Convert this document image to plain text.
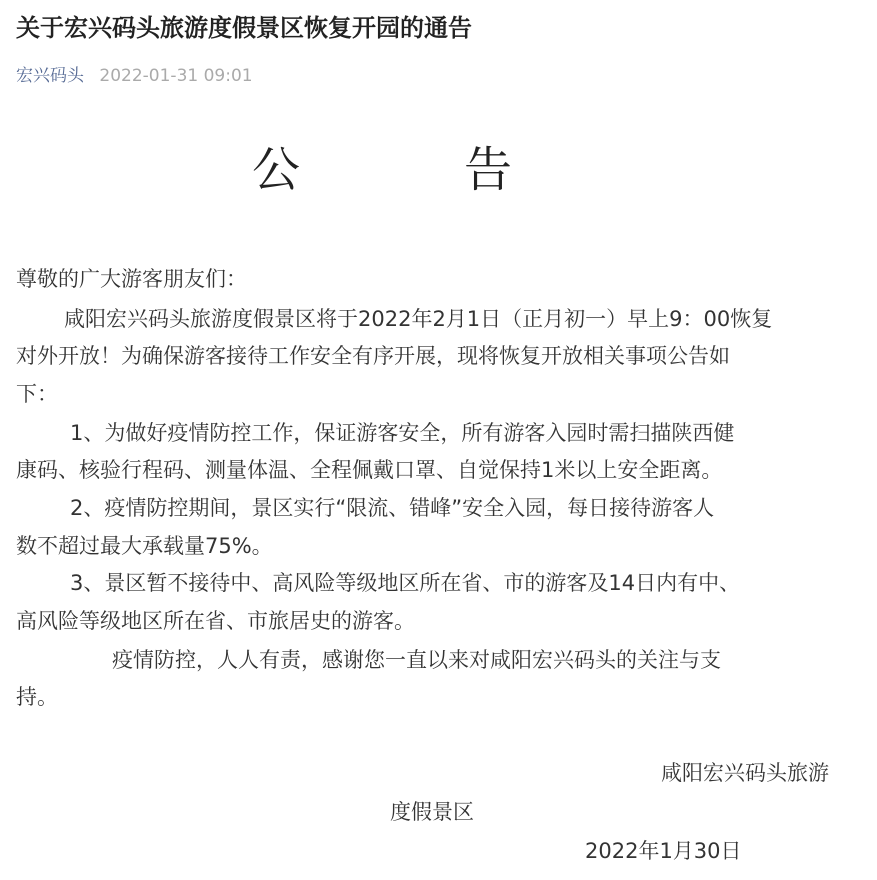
关于宏兴码头旅游度假景区恢复开园的通告
宏兴码头 2022-01-31 09:01
公	告
尊敬的广大游客朋友们：
咸阳宏兴码头旅游度假景区将于2022年2月1日（正月初一）早上9：00恢复
对外开放！为确保游客接待工作安全有序开展，现将恢复开放相关事项公告如
下：
1、为做好疫情防控工作，保证游客安全，所有游客入园时需扫描陕西健
康码、核验行程码、测量体温、全程佩戴口罩、自觉保持1米以上安全距离。
2、疫情防控期间，景区实行“限流、错峰”安全入园，每日接待游客人
数不超过最大承载量75%。
3、景区暂不接待中、高风险等级地区所在省、市的游客及14日内有中、
高风险等级地区所在省、市旅居史的游客。
疫情防控，人人有责，感谢您一直以来对咸阳宏兴码头的关注与支
持。
咸阳宏兴码头旅游
度假景区
2022年1月30日
